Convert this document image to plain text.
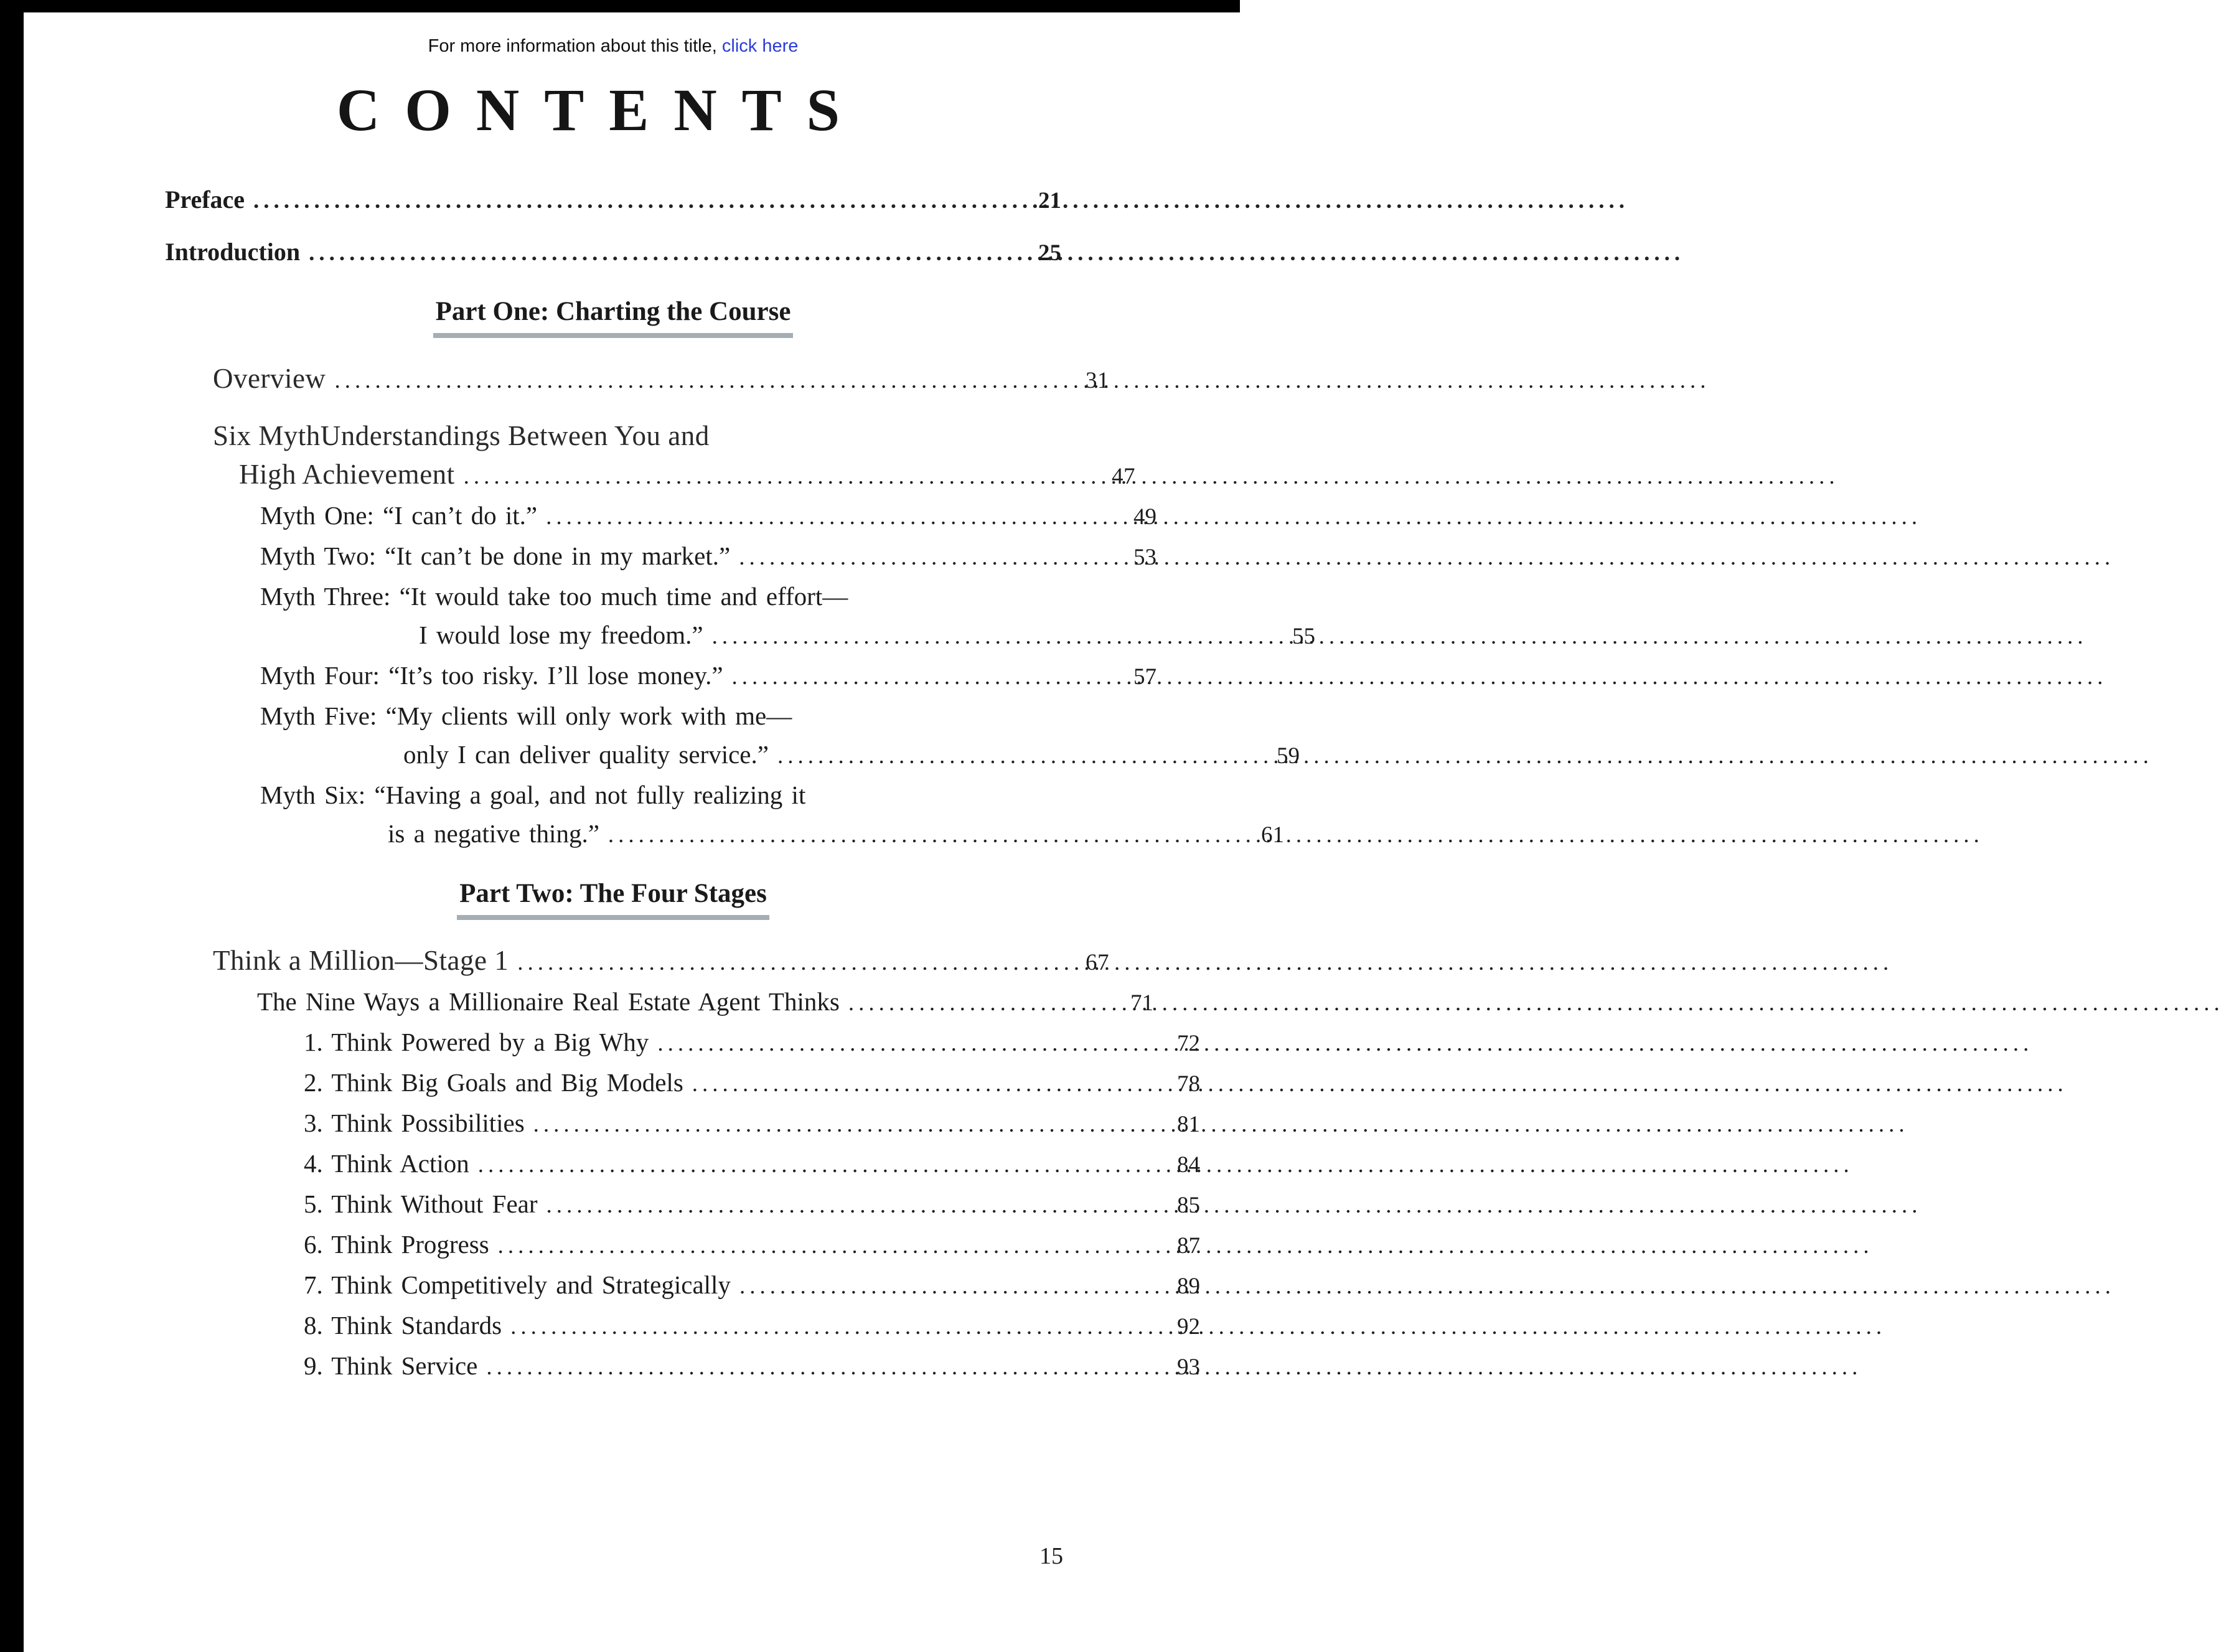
For more information about this title, click here

CONTENTS
Preface .....	21
Introduction .....	25
Part One: Charting the Course
Overview .....	31
Six MythUnderstandings Between You and
High Achievement .....	47
Myth One: “I can’t do it.” .....	49
Myth Two: “It can’t be done in my market.” .....	53
Myth Three: “It would take too much time and effort—
I would lose my freedom.” .....	55
Myth Four: “It’s too risky. I’ll lose money.” .....	57
Myth Five: “My clients will only work with me—
only I can deliver quality service.” .....	59
Myth Six: “Having a goal, and not fully realizing it
is a negative thing.” .....	61
Part Two: The Four Stages
Think a Million—Stage 1 .....	67
The Nine Ways a Millionaire Real Estate Agent Thinks .....	71
1. Think Powered by a Big Why .....	72
2. Think Big Goals and Big Models .....	78
3. Think Possibilities .....	81
4. Think Action .....	84
5. Think Without Fear .....	85
6. Think Progress .....	87
7. Think Competitively and Strategically .....	89
8. Think Standards .....	92
9. Think Service .....	93
15
